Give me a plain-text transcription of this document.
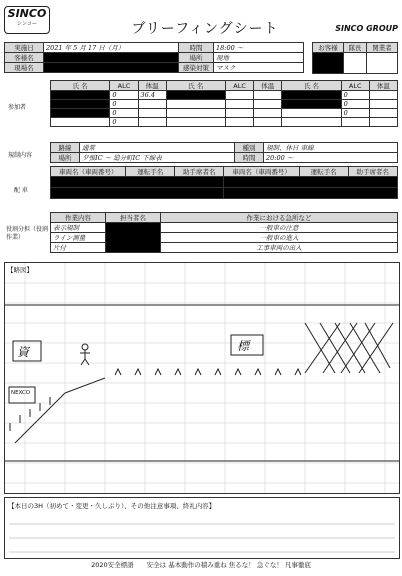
SINCO
シンコー	ブリーフィングシート	SINCO GROUP
実施日	2021 年 5 月 17 日（月）	時間	18:00 〜
客様名		場所	現地
現場名		感染対策	マスク
お客様	隊長	関業者

参加者
氏 名	ALC	体温	氏 名	ALC	体温	氏 名	ALC	体温
	0	36.4					0	
	0						0	
	0						0	
	0							
規制内容
路線	通常	種別	規制、休日 車線
場所	夕張IC 〜 追分町IC 下線表	時間	20:00 〜
配 車
車両名（車両番号）	運転手名	助手席者名	車両名（車両番号）	運転手名	助手席者名

役割分担（役割作業）
作業内容	担当者名	作業における急所など
表示規制		一般車の注意
ライン測量		一般車の進入
片付		工事車両の出入
【略図】
資	標
NEXCO
【本日の3H（初めて・変更・久しぶり）、その他注意事項、終礼内容】
2020安全標語　　安全は 基本動作の積み重ね 焦るな！ 急ぐな！ 凡事徹底
